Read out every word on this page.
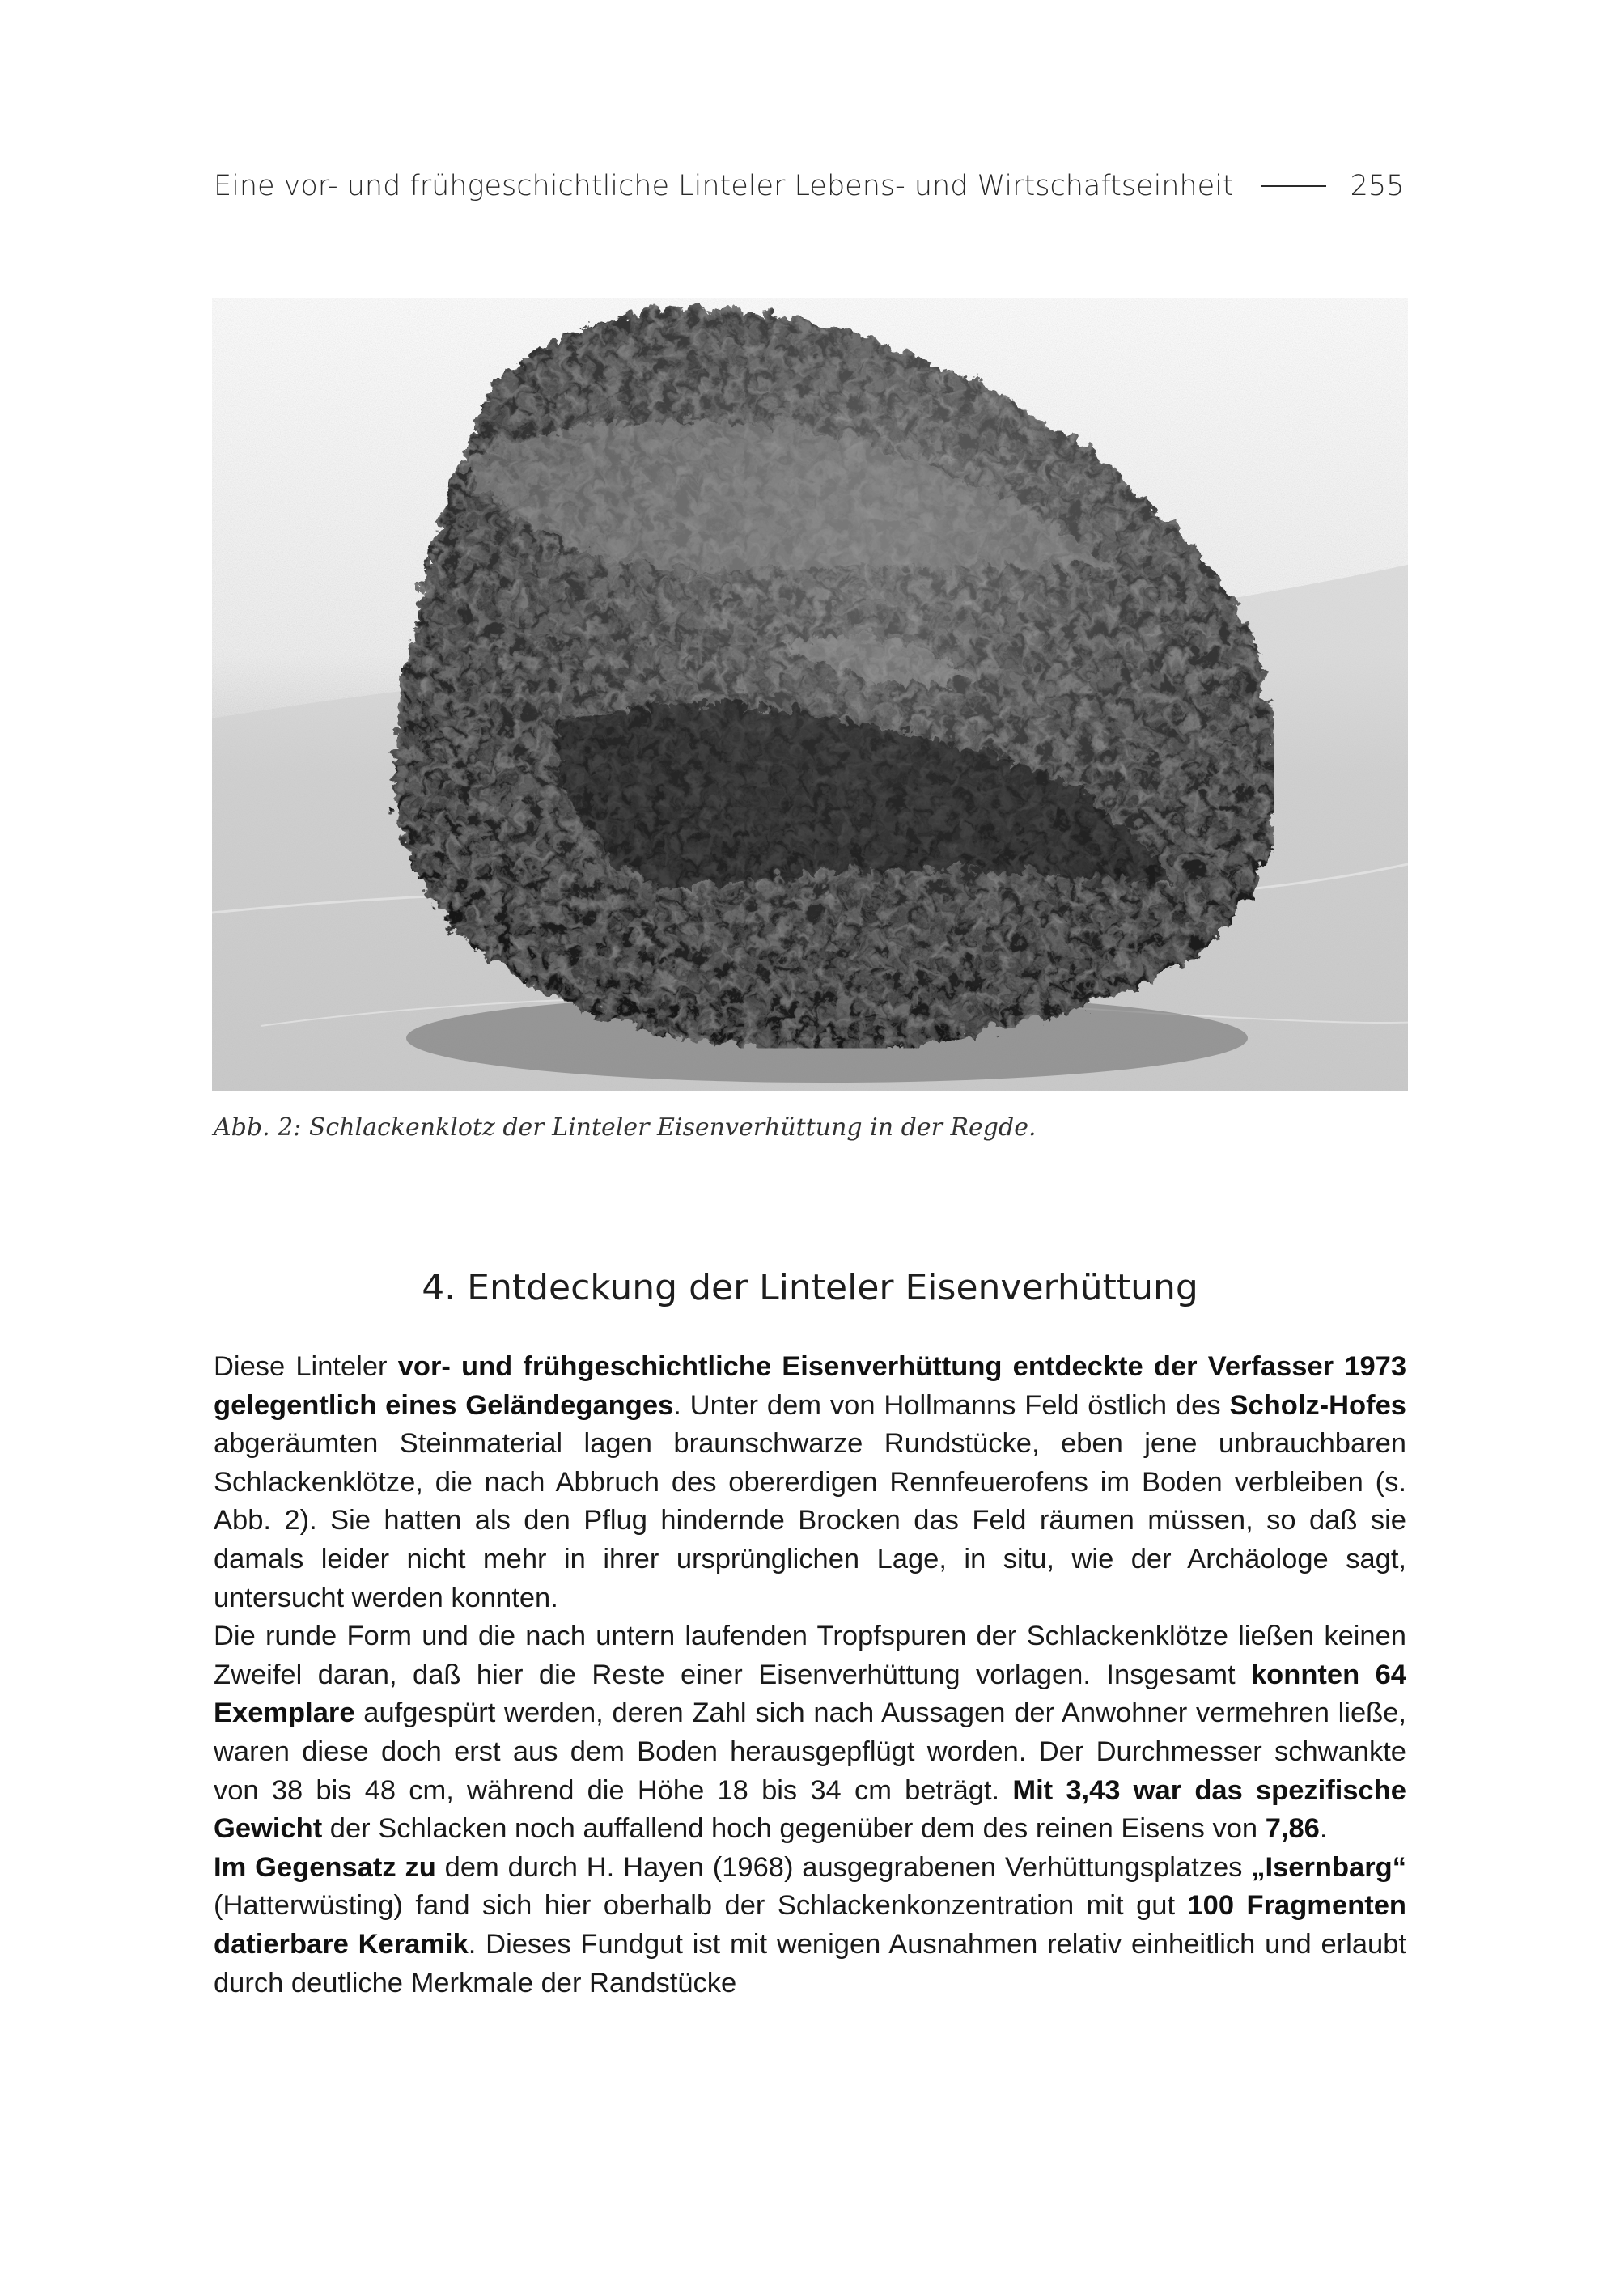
Eine vor- und frühgeschichtliche Linteler Lebens- und Wirtschaftseinheit	255
Abb. 2: Schlackenklotz der Linteler Eisenverhüttung in der Regde.
4. Entdeckung der Linteler Eisenverhüttung

Diese Linteler vor- und frühgeschichtliche Eisenverhüttung entdeckte der Verfasser 1973 gelegentlich eines Geländeganges. Unter dem von Hollmanns Feld östlich des Scholz-Hofes abgeräumten Steinmaterial lagen braunschwarze Rundstücke, eben jene unbrauchbaren Schlackenklötze, die nach Abbruch des obererdigen Rennfeuerofens im Boden verbleiben (s. Abb. 2). Sie hatten als den Pflug hindernde Brocken das Feld räumen müssen, so daß sie damals leider nicht mehr in ihrer ursprünglichen Lage, in situ, wie der Archäologe sagt, untersucht werden konnten.

Die runde Form und die nach untern laufenden Tropfspuren der Schlackenklötze ließen keinen Zweifel daran, daß hier die Reste einer Eisenverhüttung vorlagen. Insgesamt konnten 64 Exemplare aufgespürt werden, deren Zahl sich nach Aussagen der Anwohner vermehren ließe, waren diese doch erst aus dem Boden herausgepflügt worden. Der Durchmesser schwankte von 38 bis 48 cm, während die Höhe 18 bis 34 cm beträgt. Mit 3,43 war das spezifische Gewicht der Schlacken noch auffallend hoch gegenüber dem des reinen Eisens von 7,86.

Im Gegensatz zu dem durch H. Hayen (1968) ausgegrabenen Verhüttungsplatzes „Isernbarg“ (Hatterwüsting) fand sich hier oberhalb der Schlackenkonzentration mit gut 100 Fragmenten datierbare Keramik. Dieses Fundgut ist mit wenigen Ausnahmen relativ einheitlich und erlaubt durch deutliche Merkmale der Randstücke
